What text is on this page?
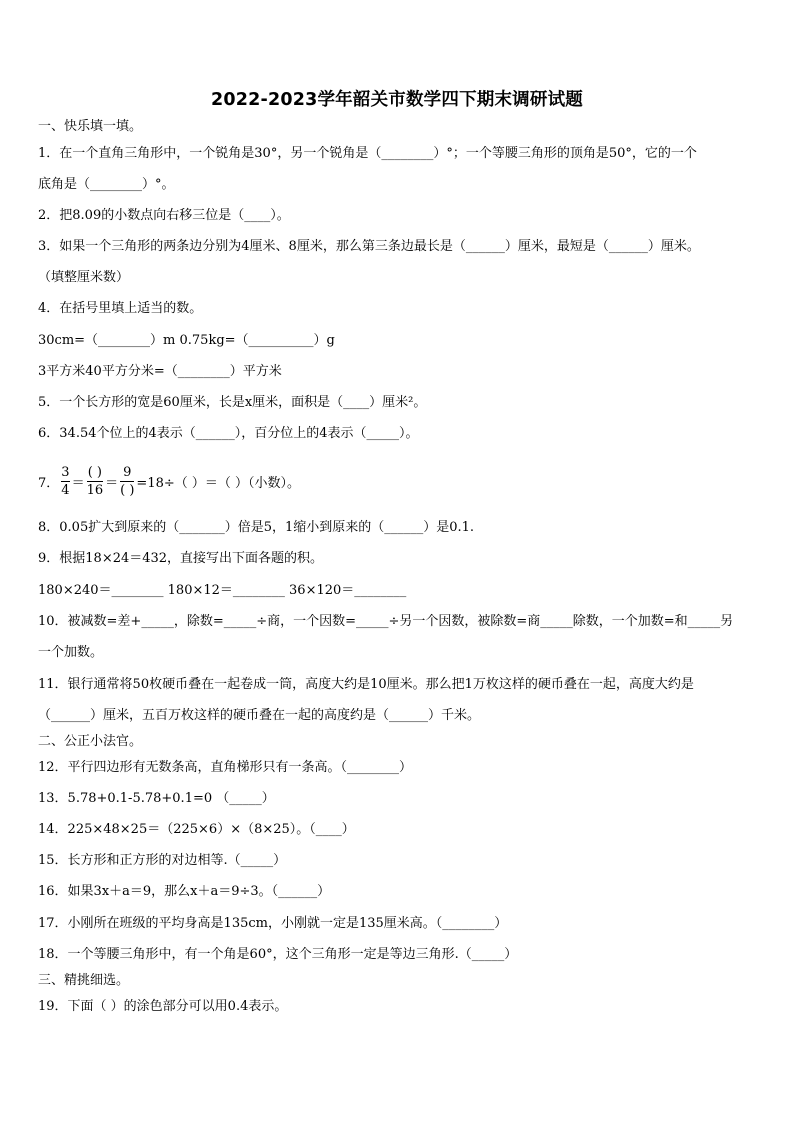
2022-2023学年韶关市数学四下期末调研试题
一、快乐填一填。
1．在一个直角三角形中，一个锐角是30°，另一个锐角是（________）°；一个等腰三角形的顶角是50°，它的一个
底角是（________）°。
2．把8.09的小数点向右移三位是（____）。
3．如果一个三角形的两条边分别为4厘米、8厘米，那么第三条边最长是（______）厘米，最短是（______）厘米。
（填整厘米数）
4．在括号里填上适当的数。
30cm=（________）m 0.75kg=（__________）g
3平方米40平方分米=（________）平方米
5．一个长方形的宽是60厘米，长是x厘米，面积是（____）厘米²。
6．34.54个位上的4表示（______），百分位上的4表示（_____）。
7． $\frac{3}{4} = \frac{( )}{16} = \frac{9}{( )} =18\div$（ ）＝（ ）（小数）。
8．0.05扩大到原来的（_______）倍是5，1缩小到原来的（______）是0.1.
9．根据18×24＝432，直接写出下面各题的积。
180×240＝________ 180×12＝________ 36×120＝________
10．被减数=差+_____，除数=_____÷商，一个因数=_____÷另一个因数，被除数=商_____除数，一个加数=和_____另
一个加数。
11．银行通常将50枚硬币叠在一起卷成一筒，高度大约是10厘米。那么把1万枚这样的硬币叠在一起，高度大约是
（______）厘米，五百万枚这样的硬币叠在一起的高度约是（______）千米。
二、公正小法官。
12．平行四边形有无数条高，直角梯形只有一条高。（________）
13．5.78+0.1-5.78+0.1=0 （_____）
14．225×48×25＝（225×6）×（8×25）。（____）
15．长方形和正方形的对边相等.（_____）
16．如果3x＋a＝9，那么x＋a＝9÷3。（______）
17．小刚所在班级的平均身高是135cm，小刚就一定是135厘米高。（________）
18．一个等腰三角形中，有一个角是60°，这个三角形一定是等边三角形.（_____）
三、精挑细选。
19．下面（ ）的涂色部分可以用0.4表示。
